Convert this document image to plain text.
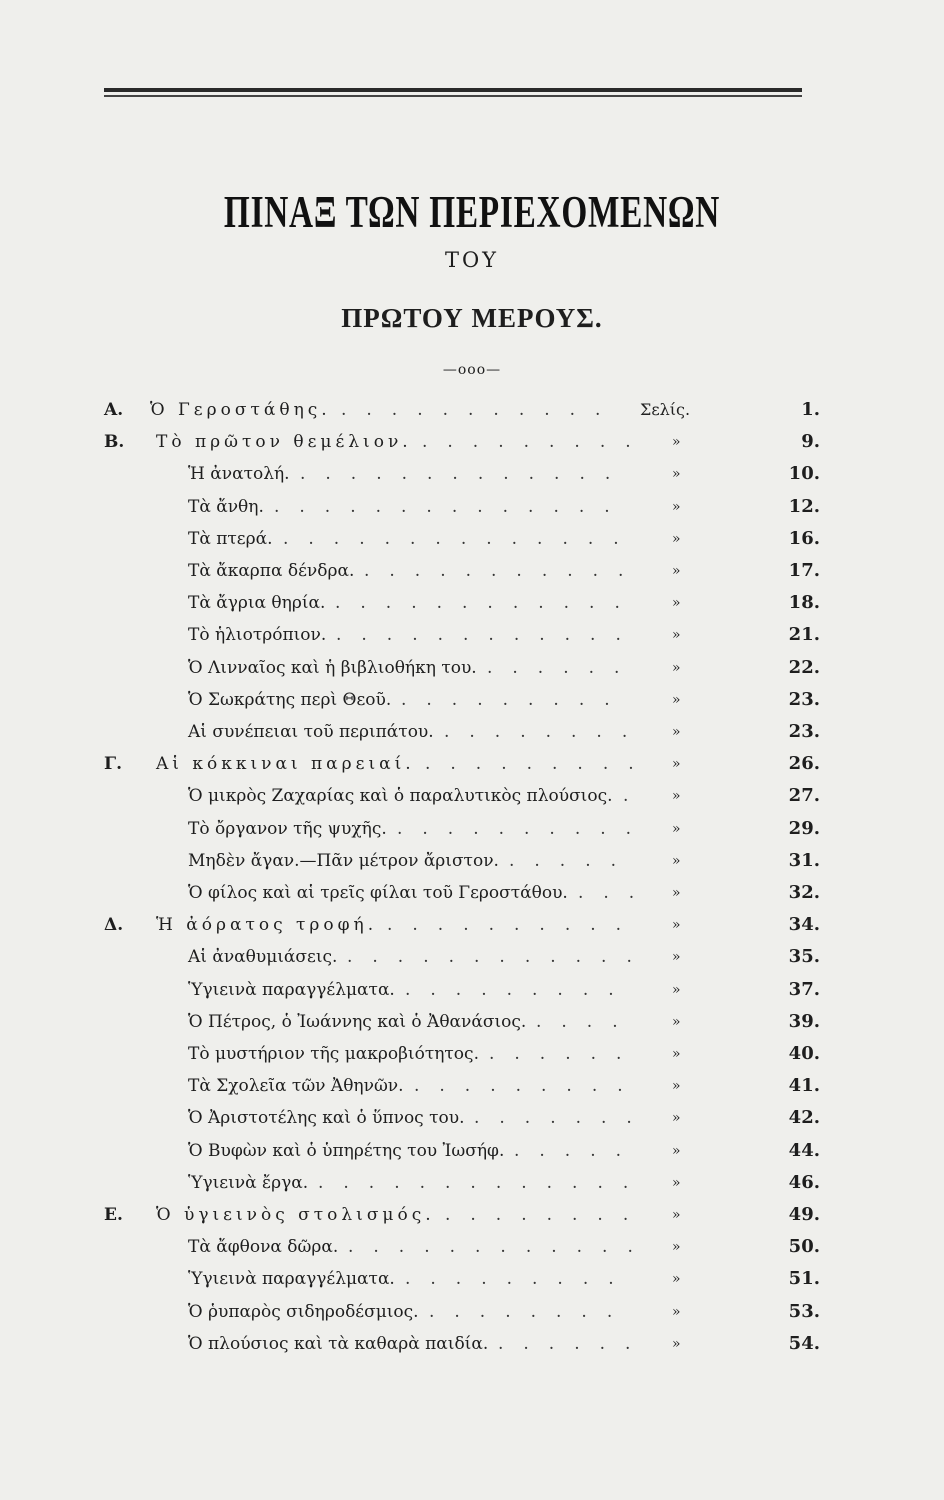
ΠΙΝΑΞ ΤΩΝ ΠΕΡΙΕΧΟΜΕΝΩΝ
ΤΟΥ
ΠΡΩΤΟΥ ΜΕΡΟΥΣ.
—οοο—
Α. Ὁ Γεροστάθης. ........... Σελίς.	1.
Β. Τὸ πρῶτον θεμέλιον. ......... »	9.
Ἡ ἀνατολή. .............	»	10.
Τὰ ἄνθη. ..............	»	12.
Τὰ πτερά. .............. »	16.
Τὰ ἄκαρπα δένδρα. ........... »	17.
Τὰ ἄγρια θηρία. ............ »	18.
Τὸ ἡλιοτρόπιον. ............ »	21.
Ὁ Λινναῖος καὶ ἡ βιβλιοθήκη του. ...... »	22.
Ὁ Σωκράτης περὶ Θεοῦ. .........	»	23.
Αἱ συνέπειαι τοῦ περιπάτου. ........ »	23.
Γ. Αἱ κόκκιναι παρειαί. ......... »	26.
Ὁ μικρὸς Ζαχαρίας καὶ ὁ παραλυτικὸς πλούσιος. . »	27.
Τὸ ὄργανον τῆς ψυχῆς. .......... »	29.
Μηδὲν ἄγαν.—Πᾶν μέτρον ἄριστον. .....	»	31.
Ὁ φίλος καὶ αἱ τρεῖς φίλαι τοῦ Γεροστάθου. ... »	32.
Δ. Ἡ ἀόρατος τροφή. .......... »	34.
Αἱ ἀναθυμιάσεις. ............ »	35.
Ὑγιεινὰ παραγγέλματα. .........	»	37.
Ὁ Πέτρος, ὁ Ἰωάννης καὶ ὁ Ἀθανάσιος. .... »	39.
Τὸ μυστήριον τῆς μακροβιότητος. ...... »	40.
Τὰ Σχολεῖα τῶν Ἀθηνῶν. ......... »	41.
Ὁ Ἀριστοτέλης καὶ ὁ ὕπνος του. ....... »	42.
Ὁ Βυφὼν καὶ ὁ ὑπηρέτης του Ἰωσήφ. ..... »	44.
Ὑγιεινὰ ἔργα. ............. »	46.
Ε. Ὁ ὑγιεινὸς στολισμός. ........ »	49.
Τὰ ἄφθονα δῶρα. ............ »	50.
Ὑγιεινὰ παραγγέλματα. .........	»	51.
Ὁ ῥυπαρὸς σιδηροδέσμιος. ........	»	53.
Ὁ πλούσιος καὶ τὰ καθαρὰ παιδία. ...... »	54.
